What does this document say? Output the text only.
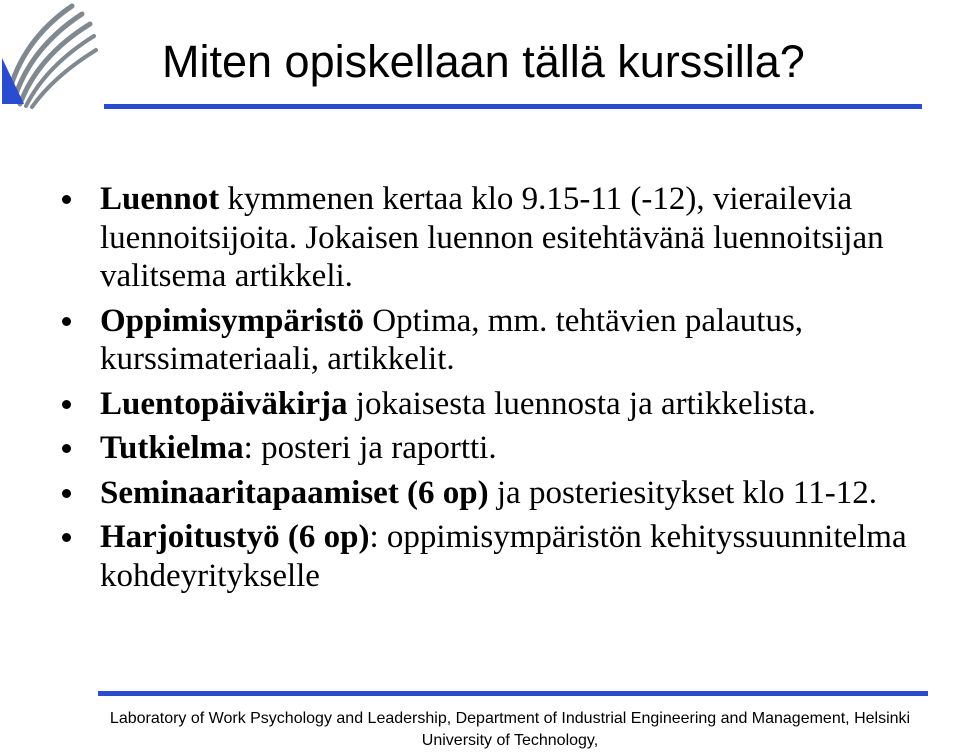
Miten opiskellaan tällä kurssilla?
Luennot kymmenen kertaa klo 9.15-11 (-12), vierailevia luennoitsijoita. Jokaisen luennon esitehtävänä luennoitsijan valitsema artikkeli.
Oppimisympäristö Optima, mm. tehtävien palautus, kurssimateriaali, artikkelit.
Luentopäiväkirja jokaisesta luennosta ja artikkelista.
Tutkielma: posteri ja raportti.
Seminaaritapaamiset (6 op) ja posteriesitykset klo 11-12.
Harjoitustyö (6 op): oppimisympäristön kehityssuunnitelma kohdeyritykselle
Laboratory of Work Psychology and Leadership, Department of Industrial Engineering and Management, Helsinki
University of Technology,
